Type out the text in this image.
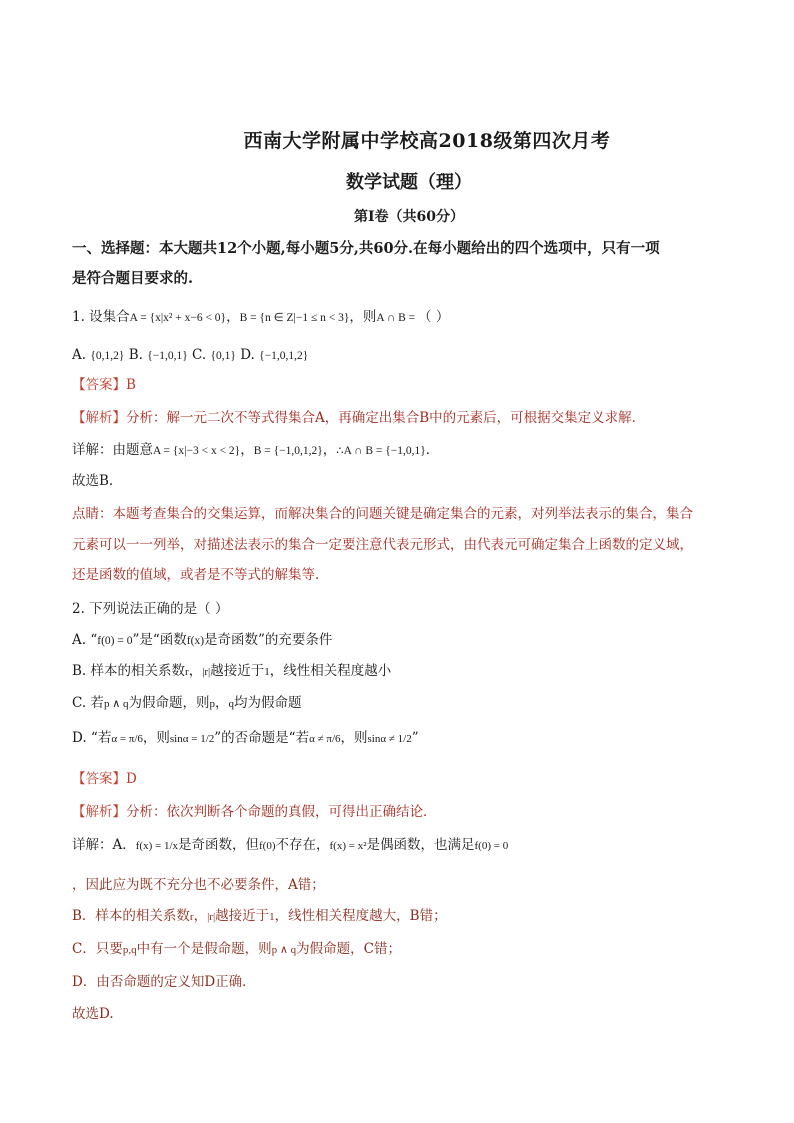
西南大学附属中学校高2018级第四次月考
数学试题（理）
第Ⅰ卷（共60分）
一、选择题：本大题共12个小题,每小题5分,共60分.在每小题给出的四个选项中，只有一项
是符合题目要求的.
1. 设集合A = {x|x² + x−6 < 0}，B = {n ∈ Z|−1 ≤ n < 3}，则A ∩ B = （ ）
A. {0,1,2} B. {−1,0,1} C. {0,1} D. {−1,0,1,2}
【答案】B
【解析】分析：解一元二次不等式得集合A，再确定出集合B中的元素后，可根据交集定义求解．
详解：由题意A = {x|−3 < x < 2}，B = {−1,0,1,2}，∴A ∩ B = {−1,0,1}．
故选B.
点睛：本题考查集合的交集运算，而解决集合的问题关键是确定集合的元素，对列举法表示的集合，集合
元素可以一一列举，对描述法表示的集合一定要注意代表元形式，由代表元可确定集合上函数的定义域，
还是函数的值域，或者是不等式的解集等.
2. 下列说法正确的是（ ）
A. “f(0) = 0”是“函数f(x)是奇函数”的充要条件
B. 样本的相关系数r，|r|越接近于1，线性相关程度越小
C. 若p ∧ q为假命题，则p，q均为假命题
D. “若α = π/6，则sinα = 1/2”的否命题是“若α ≠ π/6，则sinα ≠ 1/2”
【答案】D
【解析】分析：依次判断各个命题的真假，可得出正确结论．
详解：A．f(x) = 1/x是奇函数，但f(0)不存在，f(x) = x²是偶函数，也满足f(0) = 0
，因此应为既不充分也不必要条件，A错；
B．样本的相关系数r，|r|越接近于1，线性相关程度越大，B错；
C．只要p,q中有一个是假命题，则p ∧ q为假命题，C错；
D．由否命题的定义知D正确．
故选D.
